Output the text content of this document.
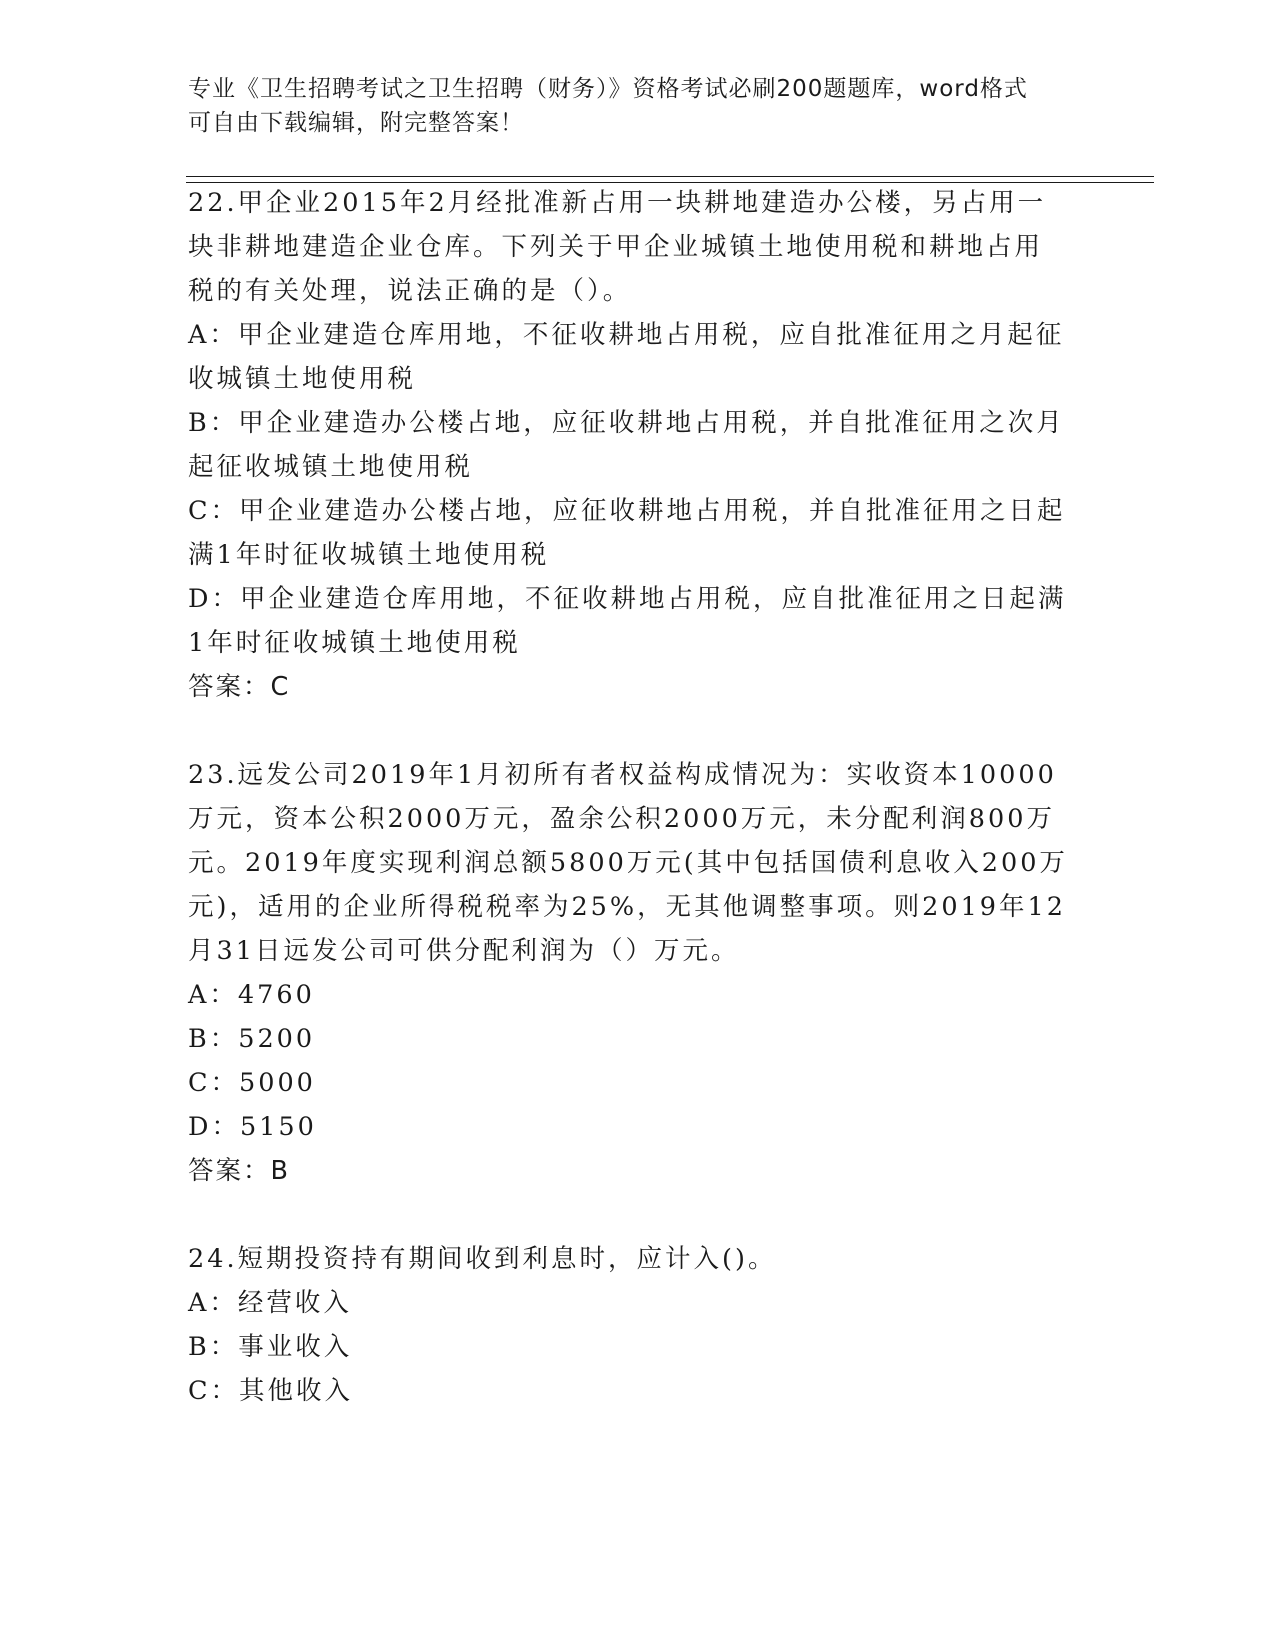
专业《卫生招聘考试之卫生招聘（财务）》资格考试必刷200题题库，word格式
可自由下载编辑，附完整答案！
22.甲企业2015年2月经批准新占用一块耕地建造办公楼，另占用一
块非耕地建造企业仓库。下列关于甲企业城镇土地使用税和耕地占用
税的有关处理，说法正确的是（）。
A：甲企业建造仓库用地，不征收耕地占用税，应自批准征用之月起征
收城镇土地使用税
B：甲企业建造办公楼占地，应征收耕地占用税，并自批准征用之次月
起征收城镇土地使用税
C：甲企业建造办公楼占地，应征收耕地占用税，并自批准征用之日起
满1年时征收城镇土地使用税
D：甲企业建造仓库用地，不征收耕地占用税，应自批准征用之日起满
1年时征收城镇土地使用税
答案：C
23.远发公司2019年1月初所有者权益构成情况为：实收资本10000
万元，资本公积2000万元，盈余公积2000万元，未分配利润800万
元。2019年度实现利润总额5800万元(其中包括国债利息收入200万
元)，适用的企业所得税税率为25%，无其他调整事项。则2019年12
月31日远发公司可供分配利润为（）万元。
A：4760
B：5200
C：5000
D：5150
答案：B
24.短期投资持有期间收到利息时，应计入()。
A：经营收入
B：事业收入
C：其他收入
